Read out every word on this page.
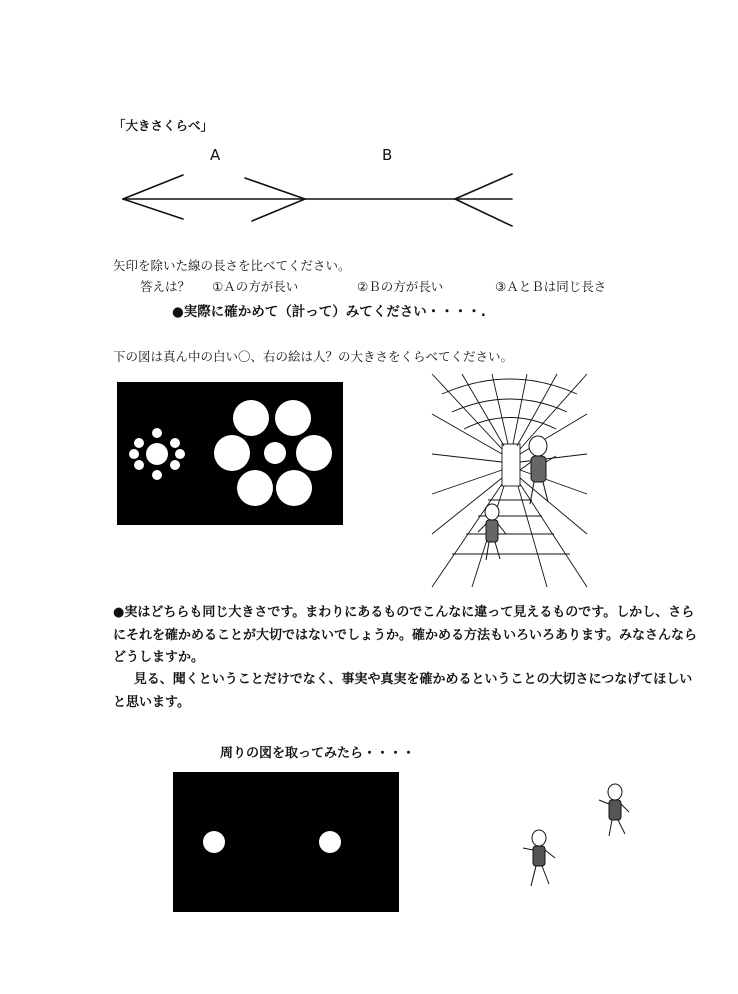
「大きさくらべ」
A	B
矢印を除いた線の長さを比べてください。
答えは？ ①Ａの方が長い	②Ｂの方が長い	③ＡとＢは同じ長さ
●実際に確かめて（計って）みてください・・・・.
下の図は真ん中の白い〇、右の絵は人？の大きさをくらべてください。
●実はどちらも同じ大きさです。まわりにあるものでこんなに違って見えるものです。しかし、さらにそれを確かめることが大切ではないでしょうか。確かめる方法もいろいろあります。みなさんならどうしますか。
見る、聞くということだけでなく、事実や真実を確かめるということの大切さにつなげてほしいと思います。
周りの図を取ってみたら・・・・
